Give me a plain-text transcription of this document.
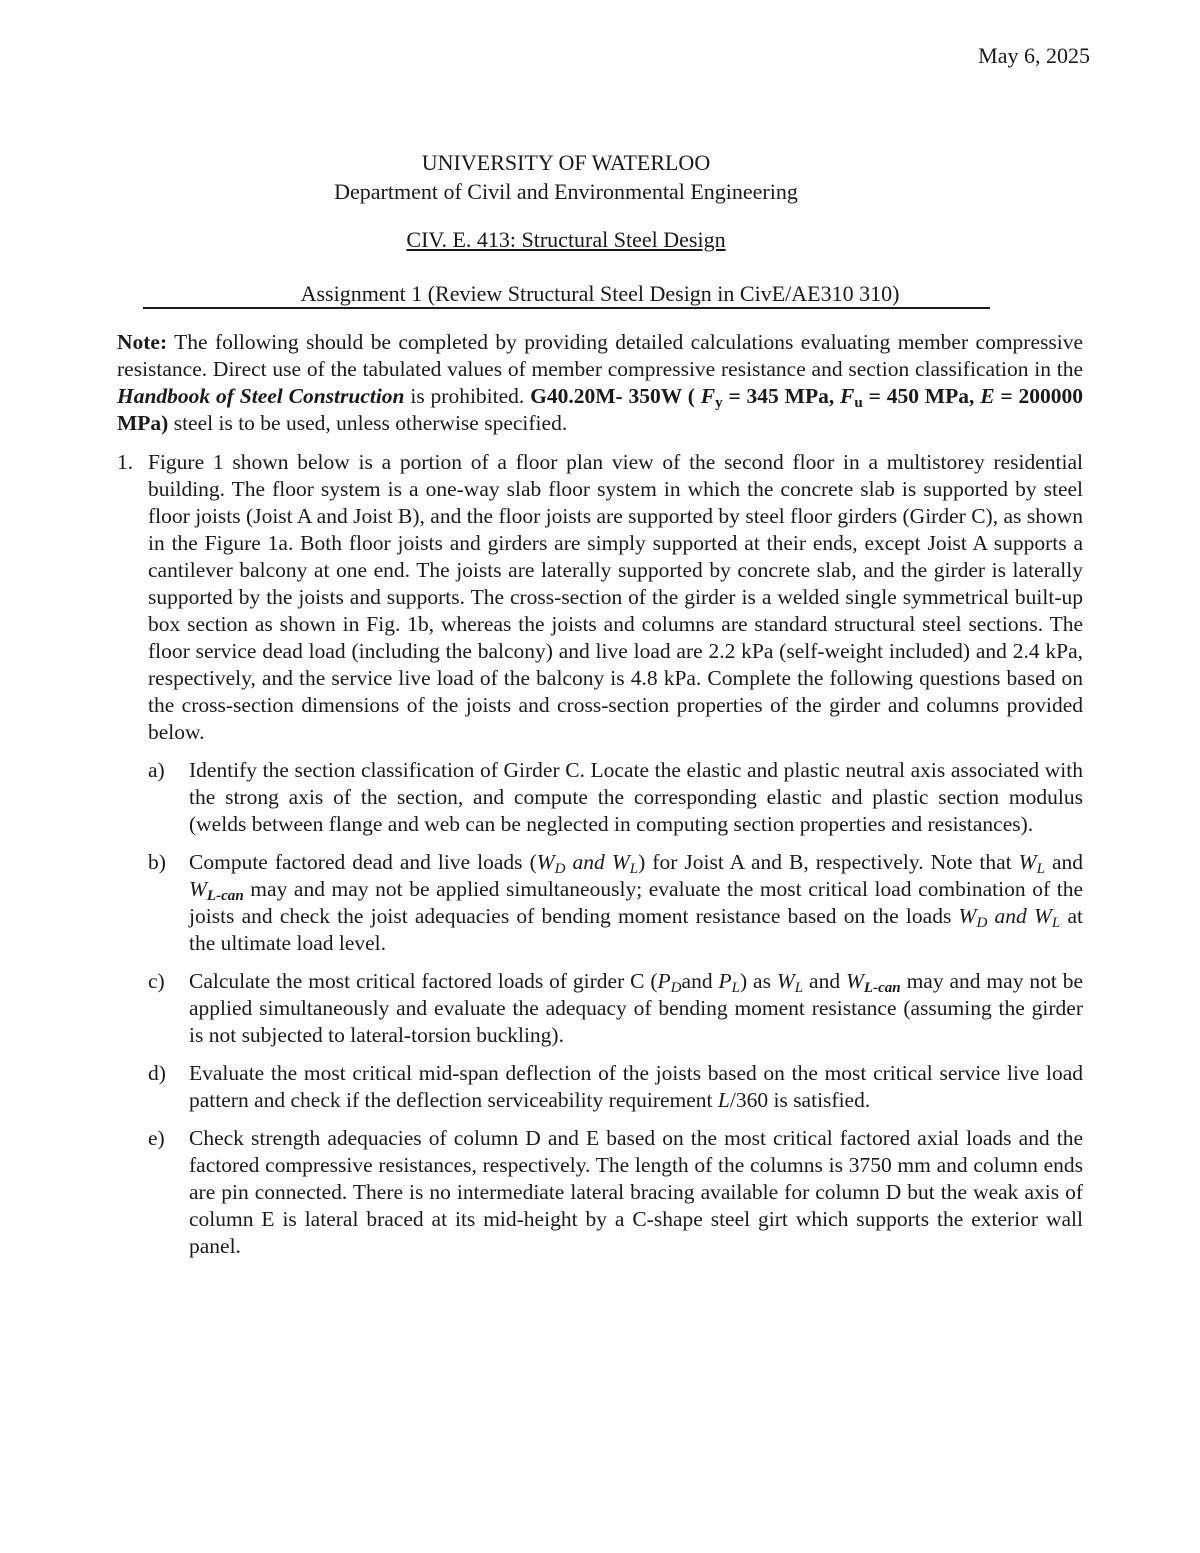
May 6, 2025
UNIVERSITY OF WATERLOO
Department of Civil and Environmental Engineering
CIV. E. 413: Structural Steel Design
Assignment 1 (Review Structural Steel Design in CivE/AE310 310)
Note: The following should be completed by providing detailed calculations evaluating member compressive resistance. Direct use of the tabulated values of member compressive resistance and section classification in the Handbook of Steel Construction is prohibited. G40.20M- 350W ( $F_y = 345$ MPa, $F_u = 450$ MPa, E = 200000 MPa) steel is to be used, unless otherwise specified.
1. Figure 1 shown below is a portion of a floor plan view of the second floor in a multistorey residential building. The floor system is a one-way slab floor system in which the concrete slab is supported by steel floor joists (Joist A and Joist B), and the floor joists are supported by steel floor girders (Girder C), as shown in the Figure 1a. Both floor joists and girders are simply supported at their ends, except Joist A supports a cantilever balcony at one end. The joists are laterally supported by concrete slab, and the girder is laterally supported by the joists and supports. The cross-section of the girder is a welded single symmetrical built-up box section as shown in Fig. 1b, whereas the joists and columns are standard structural steel sections. The floor service dead load (including the balcony) and live load are 2.2 kPa (self-weight included) and 2.4 kPa, respectively, and the service live load of the balcony is 4.8 kPa. Complete the following questions based on the cross-section dimensions of the joists and cross-section properties of the girder and columns provided below.
a) Identify the section classification of Girder C. Locate the elastic and plastic neutral axis associated with the strong axis of the section, and compute the corresponding elastic and plastic section modulus (welds between flange and web can be neglected in computing section properties and resistances).
b) Compute factored dead and live loads ($W_D$ and $W_L$) for Joist A and B, respectively. Note that $W_L$ and $W_{L-can}$ may and may not be applied simultaneously; evaluate the most critical load combination of the joists and check the joist adequacies of bending moment resistance based on the loads $W_D$ and $W_L$ at the ultimate load level.
c) Calculate the most critical factored loads of girder C ($P_Dand$ $P_L$) as $W_L$ and $W_{L-can}$ may and may not be applied simultaneously and evaluate the adequacy of bending moment resistance (assuming the girder is not subjected to lateral-torsion buckling).
d) Evaluate the most critical mid-span deflection of the joists based on the most critical service live load pattern and check if the deflection serviceability requirement L/360 is satisfied.
e) Check strength adequacies of column D and E based on the most critical factored axial loads and the factored compressive resistances, respectively. The length of the columns is 3750 mm and column ends are pin connected. There is no intermediate lateral bracing available for column D but the weak axis of column E is lateral braced at its mid-height by a C-shape steel girt which supports the exterior wall panel.
